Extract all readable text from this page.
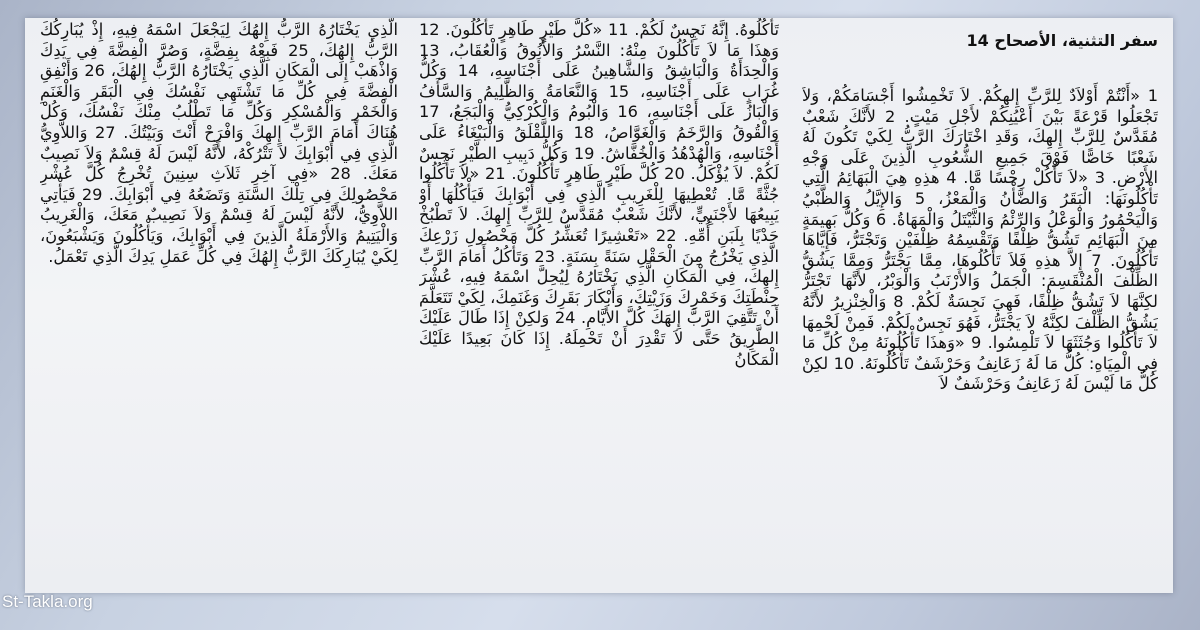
سفر التثنية، الأصحاح 14
1 «أَنْتُمْ أَوْلاَدٌ لِلرَّبِّ إِلهِكُمْ. لاَ تَخْمِشُوا أَجْسَامَكُمْ، وَلاَ تَجْعَلُوا قَرْعَةً بَيْنَ أَعْيُنِكُمْ لأَجْلِ مَيْتٍ. 2 لأَنَّكَ شَعْبٌ مُقَدَّسٌ لِلرَّبِّ إِلهِكَ، وَقَدِ اخْتَارَكَ الرَّبُّ لِكَيْ تَكُونَ لَهُ شَعْبًا خَاصًّا فَوْقَ جَمِيعِ الشُّعُوبِ الَّذِينَ عَلَى وَجْهِ الأَرْضِ. 3 «لاَ تَأْكُلْ رِجْسًا مَّا. 4 هذِهِ هِيَ الْبَهَائِمُ الَّتِي تَأْكُلُونَهَا: الْبَقَرُ وَالضَّأْنُ وَالْمَعْزُ، 5 وَالإِيَّلُ وَالظَّبْيُ وَالْيَحْمُورُ وَالْوَعْلُ وَالرِّئْمُ وَالثَّيْتَلُ وَالْمَهَاةُ. 6 وَكُلُّ بَهِيمَةٍ مِنَ الْبَهَائِمِ تَشُقُّ ظِلْفًا وَتَقْسِمُهُ ظِلْفَيْنِ وَتَجْتَرُّ، فَإِيَّاهَا تَأْكُلُونَ. 7 إِلاَّ هذِهِ فَلاَ تَأْكُلُوهَا، مِمَّا يَجْتَرُّ وَمِمَّا يَشُقُّ الظِّلْفَ الْمُنْقَسِمَ: الْجَمَلُ وَالأَرْنَبُ وَالْوَبْرُ، لأَنَّهَا تَجْتَرُّ لكِنَّهَا لاَ تَشُقُّ ظِلْفًا، فَهِيَ نَجِسَةٌ لَكُمْ. 8 وَالْخِنْزِيرُ لأَنَّهُ يَشُقُّ الظِّلْفَ لكِنَّهُ لاَ يَجْتَرُّ، فَهُوَ نَجِسٌ لَكُمْ. فَمِنْ لَحْمِهَا لاَ تَأْكُلُوا وَجُثَثَهَا لاَ تَلْمِسُوا. 9 «وَهذَا تَأْكُلُونَهُ مِنْ كُلِّ مَا فِي الْمِيَاهِ: كُلُّ مَا لَهُ زَعَانِفُ وَحَرْشَفٌ تَأْكُلُونَهُ. 10 لكِنْ كُلُّ مَا لَيْسَ لَهُ زَعَانِفُ وَحَرْشَفٌ لاَ
تَأْكُلُوهُ. إِنَّهُ نَجِسٌ لَكُمْ. 11 «كُلَّ طَيْرٍ طَاهِرٍ تَأْكُلُونَ. 12 وَهذَا مَا لاَ تَأْكُلُونَ مِنْهُ: النَّسْرُ وَالأَنُوقُ وَالْعُقَابُ، 13 وَالْحِدَأَةُ وَالْبَاشِقُ وَالشَّاهِينُ عَلَى أَجْنَاسِهِ، 14 وَكُلُّ غُرَابٍ عَلَى أَجْنَاسِهِ، 15 وَالنَّعَامَةُ وَالظَّلِيمُ وَالسَّأَفُ وَالْبَازُ عَلَى أَجْنَاسِهِ، 16 وَالْبُومُ وَالْكُرْكِيُّ وَالْبَجَعُ، 17 وَالْقُوقُ وَالرَّخَمُ وَالْغَوَّاصُ، 18 وَاللَّقْلَقُ وَالْبَبْغَاءُ عَلَى أَجْنَاسِهِ، وَالْهُدْهُدُ وَالْخُفَّاشُ. 19 وَكُلُّ دَبِيبِ الطَّيْرِ نَجِسٌ لَكُمْ. لاَ يُؤْكَلُ. 20 كُلَّ طَيْرٍ طَاهِرٍ تَأْكُلُونَ. 21 «لاَ تَأْكُلُوا جُثَّةً مَّا. تُعْطِيهَا لِلْغَرِيبِ الَّذِي فِي أَبْوَابِكَ فَيَأْكُلُهَا أَوْ يَبِيعُهَا لأَجْنَبِيٍّ، لأَنَّكَ شَعْبٌ مُقَدَّسٌ لِلرَّبِّ إِلهِكَ. لاَ تَطْبُخْ جَدْيًا بِلَبَنِ أُمِّهِ. 22 «تَعْشِيرًا تُعَشِّرُ كُلَّ مَحْصُولِ زَرْعِكَ الَّذِي يَخْرُجُ مِنَ الْحَقْلِ سَنَةً بِسَنَةٍ. 23 وَتَأْكُلُ أَمَامَ الرَّبِّ إِلهِكَ، فِي الْمَكَانِ الَّذِي يَخْتَارُهُ لِيُحِلَّ اسْمَهُ فِيهِ، عُشْرَ حِنْطَتِكَ وَخَمْرِكَ وَزَيْتِكَ، وَأَبْكَارَ بَقَرِكَ وَغَنَمِكَ، لِكَيْ تَتَعَلَّمَ أَنْ تَتَّقِيَ الرَّبَّ إِلهَكَ كُلَّ الأَيَّامِ. 24 وَلكِنْ إِذَا طَالَ عَلَيْكَ الطَّرِيقُ حَتَّى لاَ تَقْدِرَ أَنْ تَحْمِلَهُ. إِذَا كَانَ بَعِيدًا عَلَيْكَ الْمَكَانُ
الَّذِي يَخْتَارُهُ الرَّبُّ إِلهُكَ لِيَجْعَلَ اسْمَهُ فِيهِ، إِذْ يُبَارِكُكَ الرَّبُّ إِلهُكَ، 25 فَبِعْهُ بِفِضَّةٍ، وَصُرَّ الْفِضَّةَ فِي يَدِكَ وَاذْهَبْ إِلَى الْمَكَانِ الَّذِي يَخْتَارُهُ الرَّبُّ إِلهُكَ، 26 وَأَنْفِقِ الْفِضَّةَ فِي كُلِّ مَا تَشْتَهِي نَفْسُكَ فِي الْبَقَرِ وَالْغَنَمِ وَالْخَمْرِ وَالْمُسْكِرِ وَكُلِّ مَا تَطْلُبُ مِنْكَ نَفْسُكَ، وَكُلْ هُنَاكَ أَمَامَ الرَّبِّ إِلهِكَ وَافْرَحْ أَنْتَ وَبَيْتُكَ. 27 وَاللاَّوِيُّ الَّذِي فِي أَبْوَابِكَ لاَ تَتْرُكْهُ، لأَنَّهُ لَيْسَ لَهُ قِسْمٌ وَلاَ نَصِيبٌ مَعَكَ. 28 «فِي آخِرِ ثَلاَثِ سِنِينَ تُخْرِجُ كُلَّ عُشْرِ مَحْصُولِكَ فِي تِلْكَ السَّنَةِ وَتَضَعُهُ فِي أَبْوَابِكَ. 29 فَيَأْتِي اللاَّوِيُّ، لأَنَّهُ لَيْسَ لَهُ قِسْمٌ وَلاَ نَصِيبٌ مَعَكَ، وَالْغَرِيبُ وَالْيَتِيمُ وَالأَرْمَلَةُ الَّذِينَ فِي أَبْوَابِكَ، وَيَأْكُلُونَ وَيَشْبَعُونَ، لِكَيْ يُبَارِكَكَ الرَّبُّ إِلهُكَ فِي كُلِّ عَمَلِ يَدِكَ الَّذِي تَعْمَلُ.
St-Takla.org
